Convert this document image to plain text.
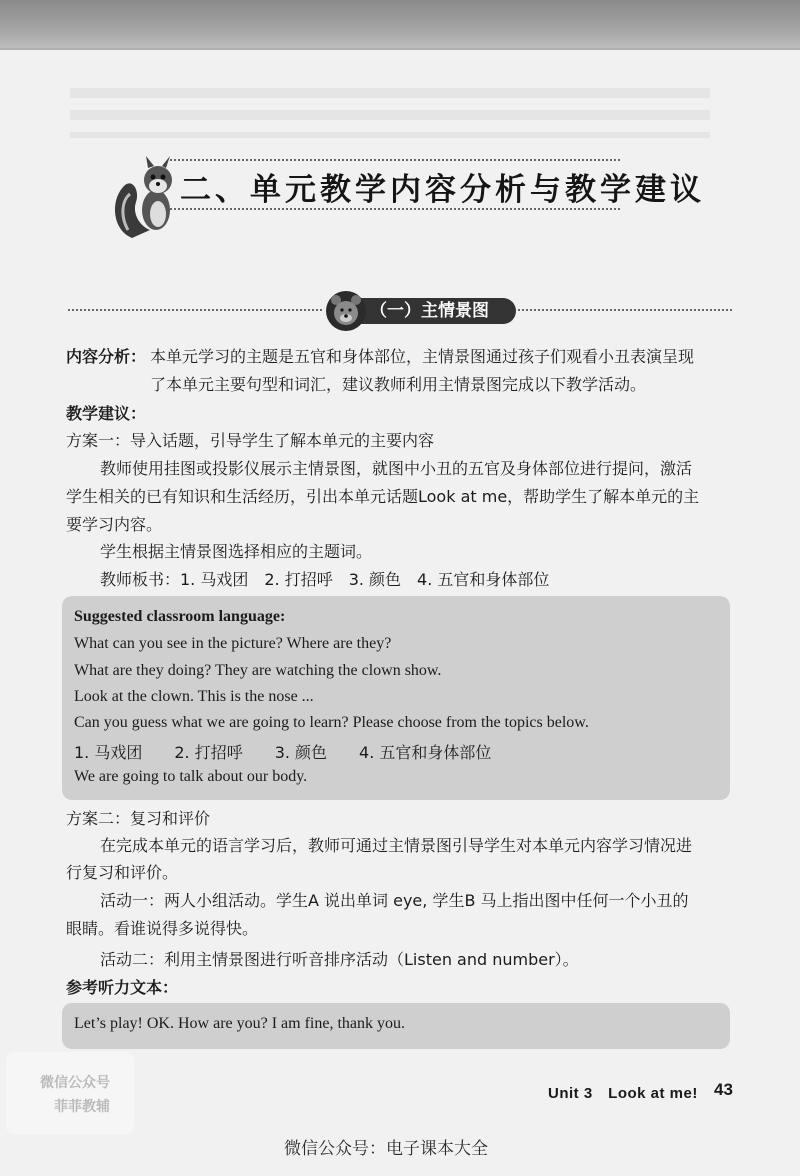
二、单元教学内容分析与教学建议
（一）主情景图
内容分析： 本单元学习的主题是五官和身体部位，主情景图通过孩子们观看小丑表演呈现
了本单元主要句型和词汇，建议教师利用主情景图完成以下教学活动。
教学建议：
方案一：导入话题，引导学生了解本单元的主要内容
教师使用挂图或投影仪展示主情景图，就图中小丑的五官及身体部位进行提问，激活
学生相关的已有知识和生活经历，引出本单元话题Look at me，帮助学生了解本单元的主
要学习内容。
学生根据主情景图选择相应的主题词。
教师板书：1. 马戏团　2. 打招呼　3. 颜色　4. 五官和身体部位
Suggested classroom language:
What can you see in the picture? Where are they?
What are they doing? They are watching the clown show.
Look at the clown. This is the nose ...
Can you guess what we are going to learn? Please choose from the topics below.
1. 马戏团　　2. 打招呼　　3. 颜色　　4. 五官和身体部位
We are going to talk about our body.
方案二：复习和评价
在完成本单元的语言学习后，教师可通过主情景图引导学生对本单元内容学习情况进
行复习和评价。
活动一：两人小组活动。学生A 说出单词 eye, 学生B 马上指出图中任何一个小丑的
眼睛。看谁说得多说得快。
活动二：利用主情景图进行听音排序活动（Listen and number）。
参考听力文本：
Let’s play! OK. How are you? I am fine, thank you.
微信公众号
菲菲教辅
Unit 3　Look at me! 43
微信公众号：电子课本大全
